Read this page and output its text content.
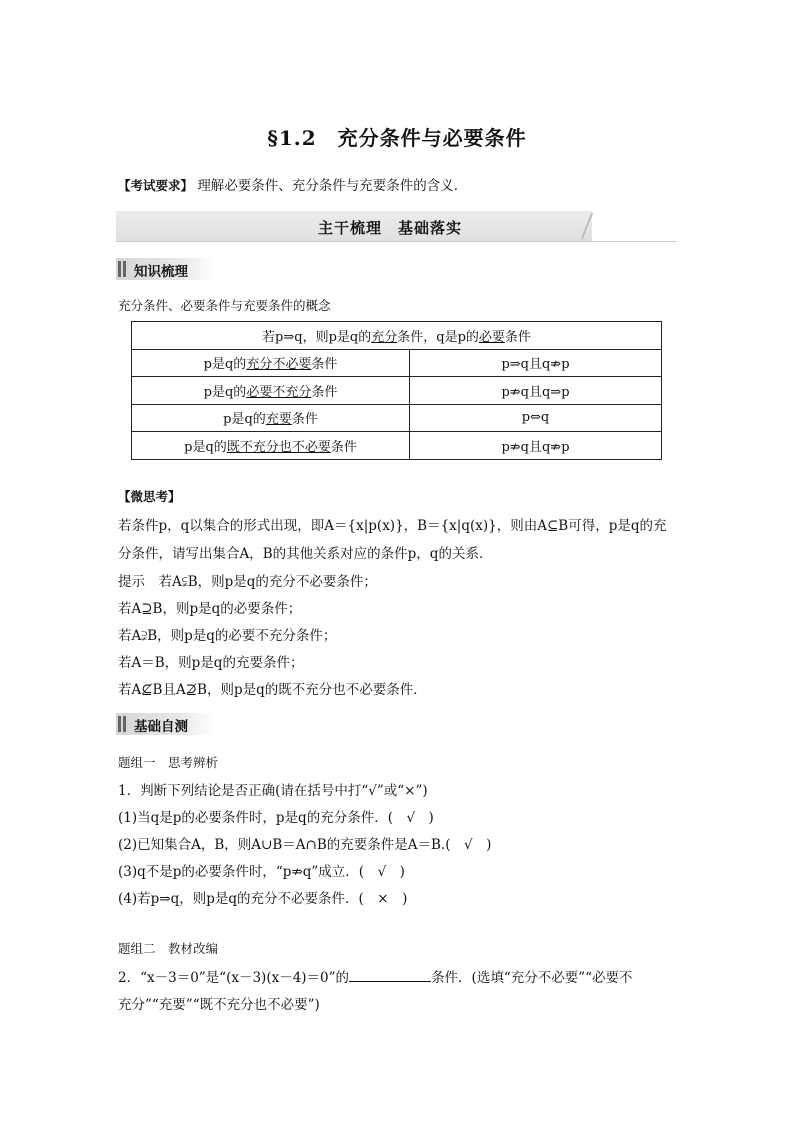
§1.2　充分条件与必要条件
【考试要求】 理解必要条件、充分条件与充要条件的含义．
主干梳理　基础落实
知识梳理
充分条件、必要条件与充要条件的概念
若p⇒q，则p是q的充分条件，q是p的必要条件	
p是q的充分不必要条件	p⇒q且q⇏p
p是q的必要不充分条件	p⇏q且q⇒p
p是q的充要条件	p⇔q
p是q的既不充分也不必要条件	p⇏q且q⇏p
【微思考】
若条件p，q以集合的形式出现，即A＝{x|p(x)}，B＝{x|q(x)}，则由A⊆B可得，p是q的充
分条件，请写出集合A，B的其他关系对应的条件p，q的关系．
提示　若A⫋B，则p是q的充分不必要条件；
若A⊇B，则p是q的必要条件；
若A⫌B，则p是q的必要不充分条件；
若A＝B，则p是q的充要条件；
若A⊈B且A⊉B，则p是q的既不充分也不必要条件．
基础自测
题组一　思考辨析
1．判断下列结论是否正确(请在括号中打“√”或“×”)
(1)当q是p的必要条件时，p是q的充分条件．(　√　)
(2)已知集合A，B，则A∪B＝A∩B的充要条件是A＝B.(　√　)
(3)q不是p的必要条件时，“p⇏q”成立．(　√　)
(4)若p⇒q，则p是q的充分不必要条件．(　×　)
题组二　教材改编
2．“x－3＝0”是“(x－3)(x－4)＝0”的	条件．(选填“充分不必要”“必要不
充分”“充要”“既不充分也不必要”)
